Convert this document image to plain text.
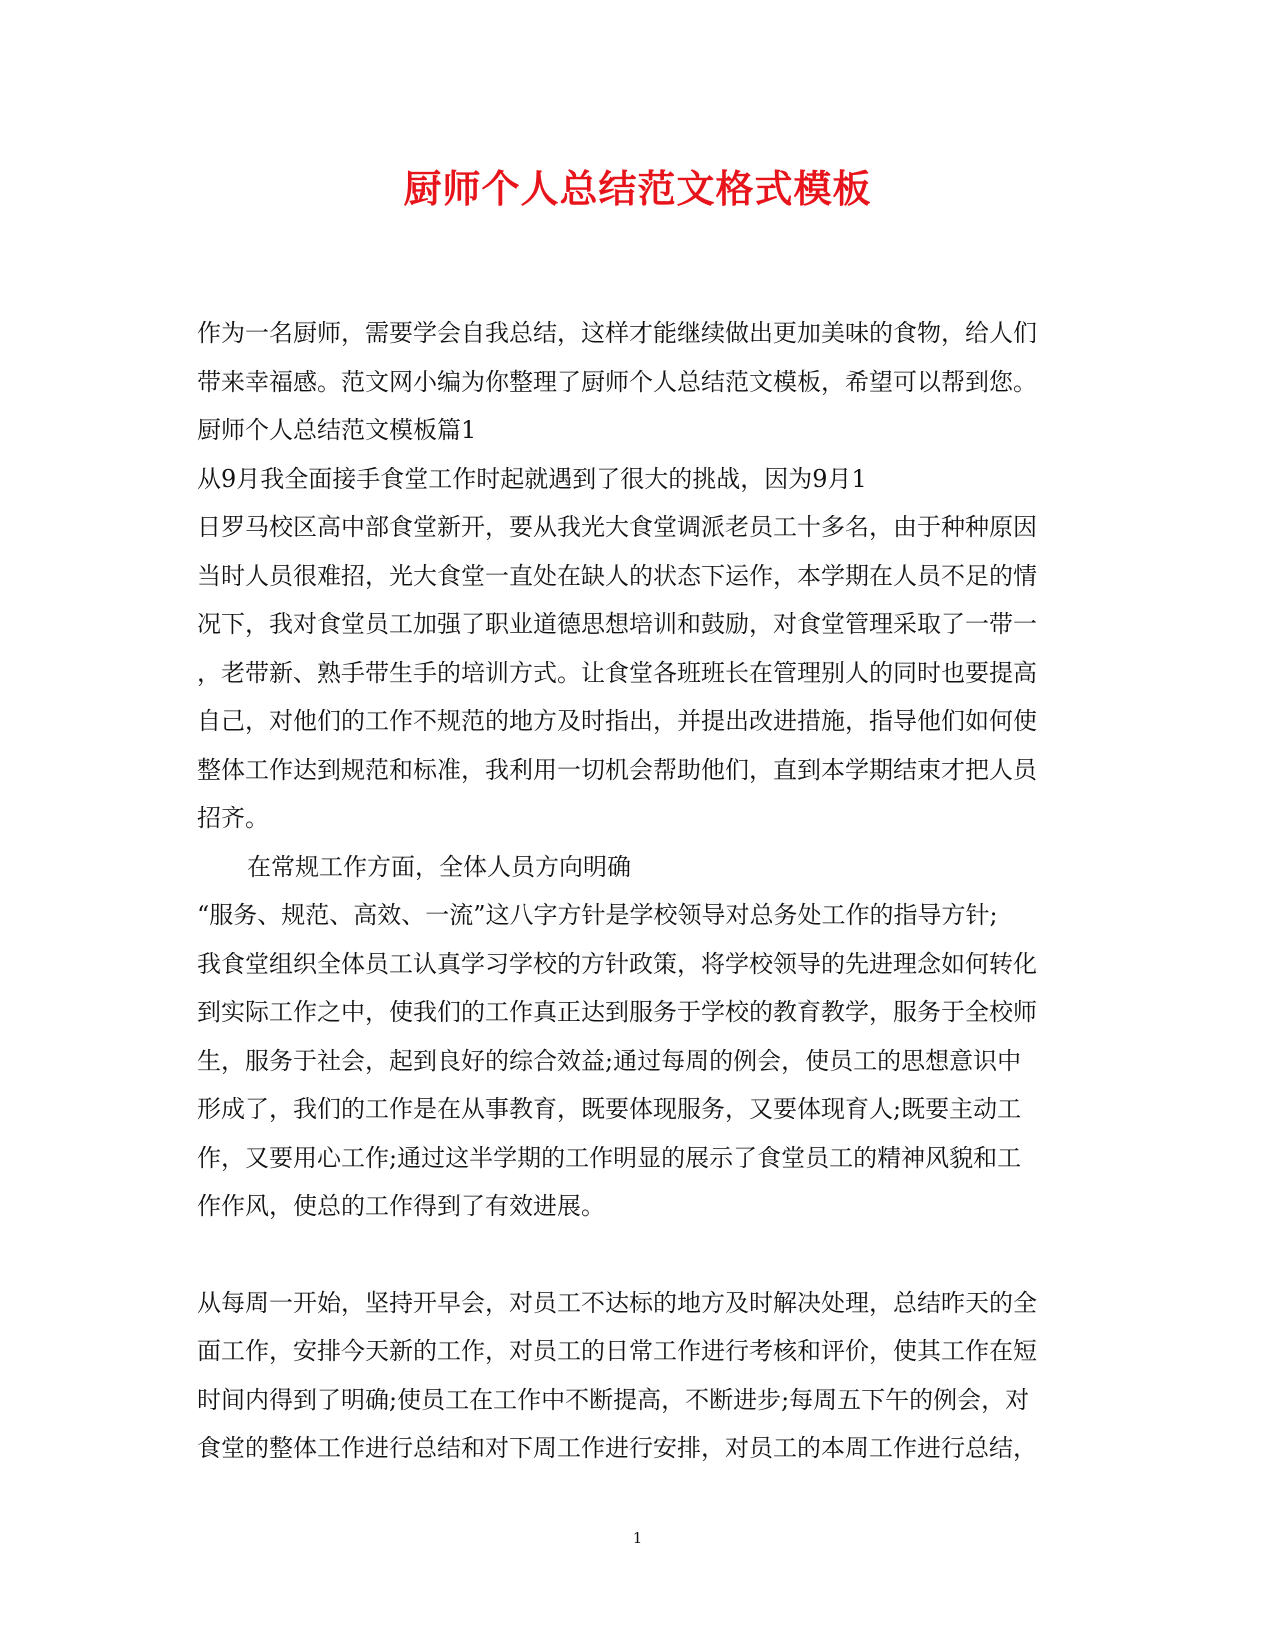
厨师个人总结范文格式模板
作为一名厨师，需要学会自我总结，这样才能继续做出更加美味的食物，给人们
带来幸福感。范文网小编为你整理了厨师个人总结范文模板，希望可以帮到您。
厨师个人总结范文模板篇1
从9月我全面接手食堂工作时起就遇到了很大的挑战，因为9月1
日罗马校区高中部食堂新开，要从我光大食堂调派老员工十多名，由于种种原因
当时人员很难招，光大食堂一直处在缺人的状态下运作，本学期在人员不足的情
况下，我对食堂员工加强了职业道德思想培训和鼓励，对食堂管理采取了一带一
，老带新、熟手带生手的培训方式。让食堂各班班长在管理别人的同时也要提高
自己，对他们的工作不规范的地方及时指出，并提出改进措施，指导他们如何使
整体工作达到规范和标准，我利用一切机会帮助他们，直到本学期结束才把人员
招齐。
在常规工作方面，全体人员方向明确
“服务、规范、高效、一流”这八字方针是学校领导对总务处工作的指导方针;
我食堂组织全体员工认真学习学校的方针政策，将学校领导的先进理念如何转化
到实际工作之中，使我们的工作真正达到服务于学校的教育教学，服务于全校师
生，服务于社会，起到良好的综合效益;通过每周的例会，使员工的思想意识中
形成了，我们的工作是在从事教育，既要体现服务，又要体现育人;既要主动工
作，又要用心工作;通过这半学期的工作明显的展示了食堂员工的精神风貌和工
作作风，使总的工作得到了有效进展。
从每周一开始，坚持开早会，对员工不达标的地方及时解决处理，总结昨天的全
面工作，安排今天新的工作，对员工的日常工作进行考核和评价，使其工作在短
时间内得到了明确;使员工在工作中不断提高，不断进步;每周五下午的例会，对
食堂的整体工作进行总结和对下周工作进行安排，对员工的本周工作进行总结，
1
